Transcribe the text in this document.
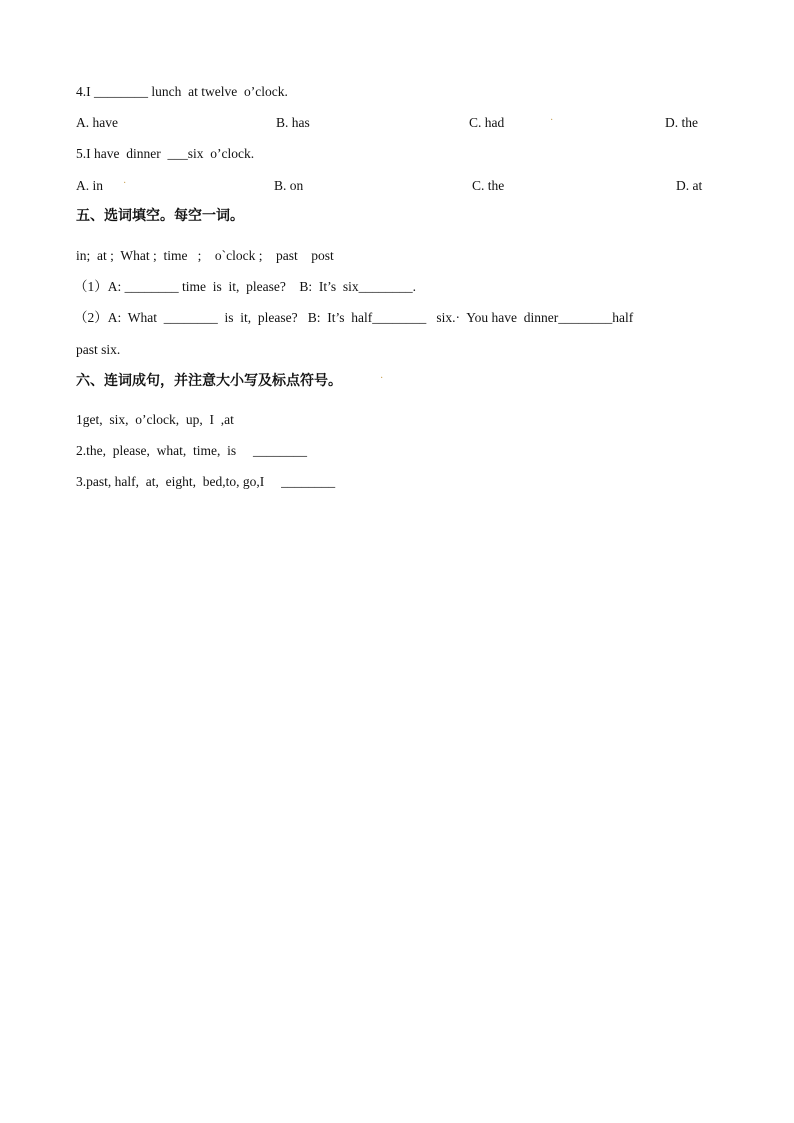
4.I ________ lunch  at twelve  o’clock.
A. have	B. has	C. had	·	D. the
5.I have  dinner  ___six  o’clock.
A. in ·	B. on	C. the	D. at
五、选词填空。每空一词。
in;  at ;  What ;  time   ;    o`clock ;    past    post
（1）A: ________ time  is  it,  please?    B:  It’s  six________.
（2）A:  What  ________  is  it,  please?   B:  It’s  half________   six.·  You have  dinner________half
past six.
六、连词成句，并注意大小写及标点符号。	·
1get,  six,  o’clock,  up,  I  ,at
2.the,  please,  what,  time,  is     ________
3.past, half,  at,  eight,  bed,to, go,I     ________
